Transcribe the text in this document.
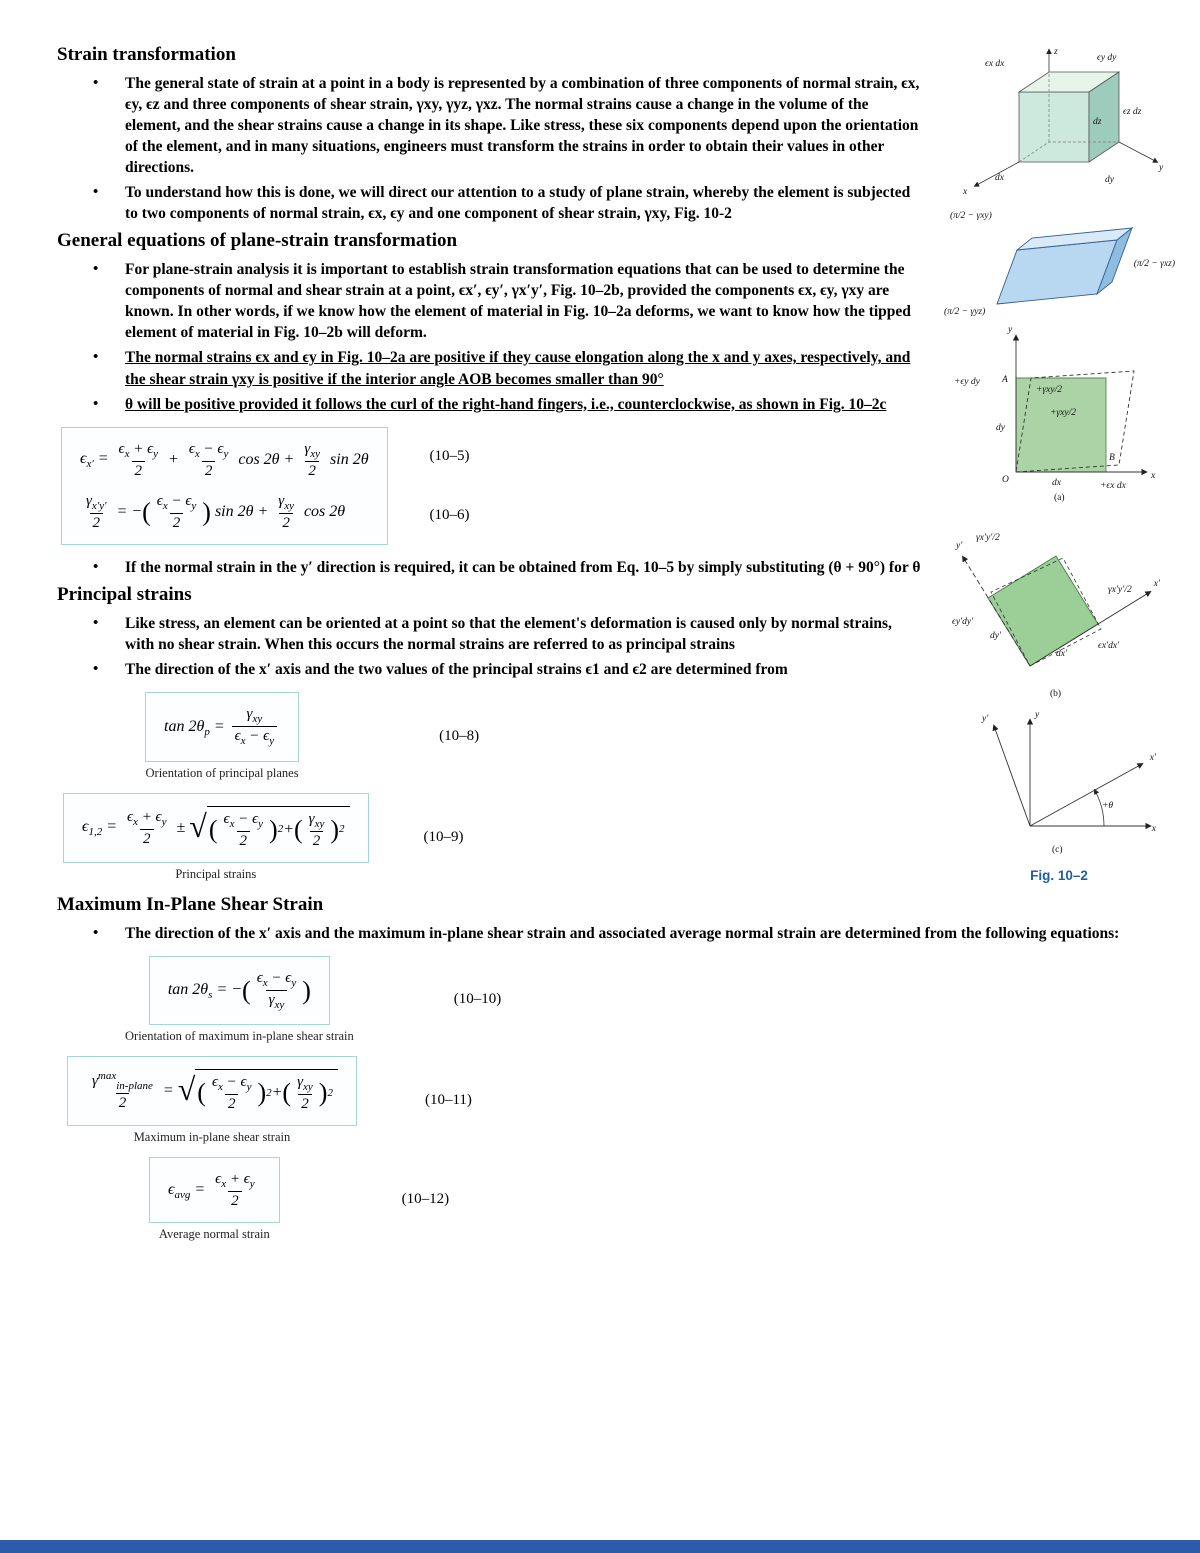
Strain transformation
• The general state of strain at a point in a body is represented by a combination of three components of normal strain, ϵx, ϵy, ϵz and three components of shear strain, γxy, γyz, γxz. The normal strains cause a change in the volume of the element, and the shear strains cause a change in its shape. Like stress, these six components depend upon the orientation of the element, and in many situations, engineers must transform the strains in order to obtain their values in other directions.
• To understand how this is done, we will direct our attention to a study of plane strain, whereby the element is subjected to two components of normal strain, ϵx, ϵy and one component of shear strain, γxy, Fig. 10-2
General equations of plane-strain transformation
• For plane-strain analysis it is important to establish strain transformation equations that can be used to determine the components of normal and shear strain at a point, ϵx′, ϵy′, γx′y′, Fig. 10–2b, provided the components ϵx, ϵy, γxy are known. In other words, if we know how the element of material in Fig. 10–2a deforms, we want to know how the tipped element of material in Fig. 10–2b will deform.
• The normal strains ϵx and ϵy in Fig. 10–2a are positive if they cause elongation along the x and y axes, respectively, and the shear strain γxy is positive if the interior angle AOB becomes smaller than 90°
• θ will be positive provided it follows the curl of the right-hand fingers, i.e., counterclockwise, as shown in Fig. 10–2c
$\epsilon_{x'} = \frac{\epsilon_x + \epsilon_y}{2} + \frac{\epsilon_x - \epsilon_y}{2}$ $\cos 2\theta + \frac{\gamma_{xy}}{2}$ sin 2θ
$\frac{\gamma_{x'y'}}{2}$ = −( $\frac{\epsilon_x - \epsilon_y}{2}$ ) $\sin 2\theta + \frac{\gamma_{xy}}{2}$ cos 2θ
(10–5)
(10–6)
• If the normal strain in the y′ direction is required, it can be obtained from Eq. 10–5 by simply substituting (θ + 90°) for θ
Principal strains
• Like stress, an element can be oriented at a point so that the element's deformation is caused only by normal strains, with no shear strain. When this occurs the normal strains are referred to as principal strains
• The direction of the x′ axis and the two values of the principal strains ϵ1 and ϵ2 are determined from
$\tan 2\theta_p = \frac{\gamma_{xy}}{\epsilon_x - \epsilon_y}$
Orientation of principal planes
(10–8)
$\epsilon_{1,2} = \frac{\epsilon_x + \epsilon_y}{2}$ ± √ ( $\frac{\epsilon_x - \epsilon_y}{2}$ ) 2 + ( $\frac{\gamma_{xy}}{2}$ ) 2
Principal strains
(10–9)
Maximum In-Plane Shear Strain
• The direction of the x′ axis and the maximum in-plane shear strain and associated average normal strain are determined from the following equations:
$\tan 2\theta_s$ = −( $\frac{\epsilon_x - \epsilon_y}{\gamma_{xy}}$ )
Orientation of maximum in-plane shear strain
(10–10)
$\frac{\gamma^{max}_{in-plane}}{2}$ = √ ( $\frac{\epsilon_x - \epsilon_y}{2}$ ) 2 + ( $\frac{\gamma_{xy}}{2}$ ) 2
Maximum in-plane shear strain
(10–11)
$\epsilon_{avg} = \frac{\epsilon_x + \epsilon_y}{2}$
Average normal strain
(10–12)
z
x
y
ϵx dx
ϵy dy
ϵz dz
dx	dy
dz
(π/2 − γxy)
(π/2 − γxz)
(π/2 − γyz)
y
x
+ϵy dy A
+γxy/2
+γxy/2
dy
B
O	dx	+ϵx dx
(a)
y′
x′
γx′y′/2
γx′y′/2
ϵy′dy′
dy′
dx′
ϵx′dx′
(b)
y
y′
x
x′
+θ
(c)
Fig. 10–2
